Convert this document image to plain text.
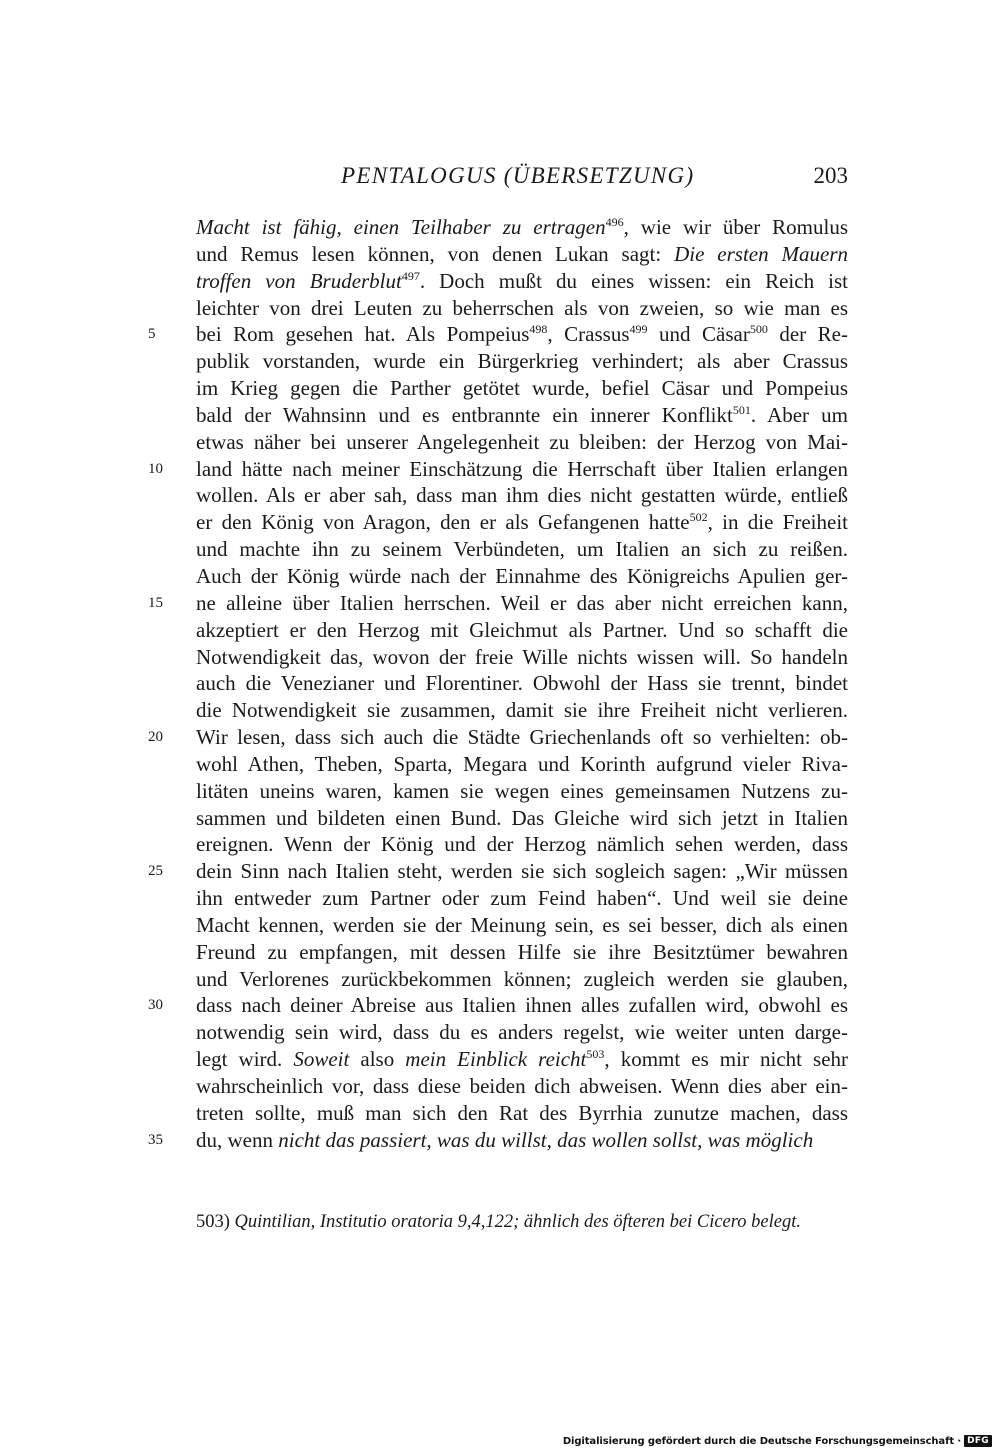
PENTALOGUS (ÜBERSETZUNG)	203
Macht ist fähig, einen Teilhaber zu ertragen$^{496}$, wie wir über Romulus
und Remus lesen können, von denen Lukan sagt: Die ersten Mauern
troffen von Bruderblut$^{497}$. Doch mußt du eines wissen: ein Reich ist
leichter von drei Leuten zu beherrschen als von zweien, so wie man es
5	bei Rom gesehen hat. Als Pompeius$^{498}$, Crassus$^{499}$ und Cäsar$^{500}$ der Re-
publik vorstanden, wurde ein Bürgerkrieg verhindert; als aber Crassus
im Krieg gegen die Parther getötet wurde, befiel Cäsar und Pompeius
bald der Wahnsinn und es entbrannte ein innerer Konflikt$^{501}$. Aber um
etwas näher bei unserer Angelegenheit zu bleiben: der Herzog von Mai-
10	land hätte nach meiner Einschätzung die Herrschaft über Italien erlangen
wollen. Als er aber sah, dass man ihm dies nicht gestatten würde, entließ
er den König von Aragon, den er als Gefangenen hatte$^{502}$, in die Freiheit
und machte ihn zu seinem Verbündeten, um Italien an sich zu reißen.
Auch der König würde nach der Einnahme des Königreichs Apulien ger-
15	ne alleine über Italien herrschen. Weil er das aber nicht erreichen kann,
akzeptiert er den Herzog mit Gleichmut als Partner. Und so schafft die
Notwendigkeit das, wovon der freie Wille nichts wissen will. So handeln
auch die Venezianer und Florentiner. Obwohl der Hass sie trennt, bindet
die Notwendigkeit sie zusammen, damit sie ihre Freiheit nicht verlieren.
20	Wir lesen, dass sich auch die Städte Griechenlands oft so verhielten: ob-
wohl Athen, Theben, Sparta, Megara und Korinth aufgrund vieler Riva-
litäten uneins waren, kamen sie wegen eines gemeinsamen Nutzens zu-
sammen und bildeten einen Bund. Das Gleiche wird sich jetzt in Italien
ereignen. Wenn der König und der Herzog nämlich sehen werden, dass
25	dein Sinn nach Italien steht, werden sie sich sogleich sagen: „Wir müssen
ihn entweder zum Partner oder zum Feind haben“. Und weil sie deine
Macht kennen, werden sie der Meinung sein, es sei besser, dich als einen
Freund zu empfangen, mit dessen Hilfe sie ihre Besitztümer bewahren
und Verlorenes zurückbekommen können; zugleich werden sie glauben,
30	dass nach deiner Abreise aus Italien ihnen alles zufallen wird, obwohl es
notwendig sein wird, dass du es anders regelst, wie weiter unten darge-
legt wird. Soweit also mein Einblick reicht$^{503}$, kommt es mir nicht sehr
wahrscheinlich vor, dass diese beiden dich abweisen. Wenn dies aber ein-
treten sollte, muß man sich den Rat des Byrrhia zunutze machen, dass
35	du, wenn nicht das passiert, was du willst, das wollen sollst, was möglich
503) Quintilian, Institutio oratoria 9,4,122; ähnlich des öfteren bei Cicero belegt.
Digitalisierung gefördert durch die Deutsche Forschungsgemeinschaft · DFG
